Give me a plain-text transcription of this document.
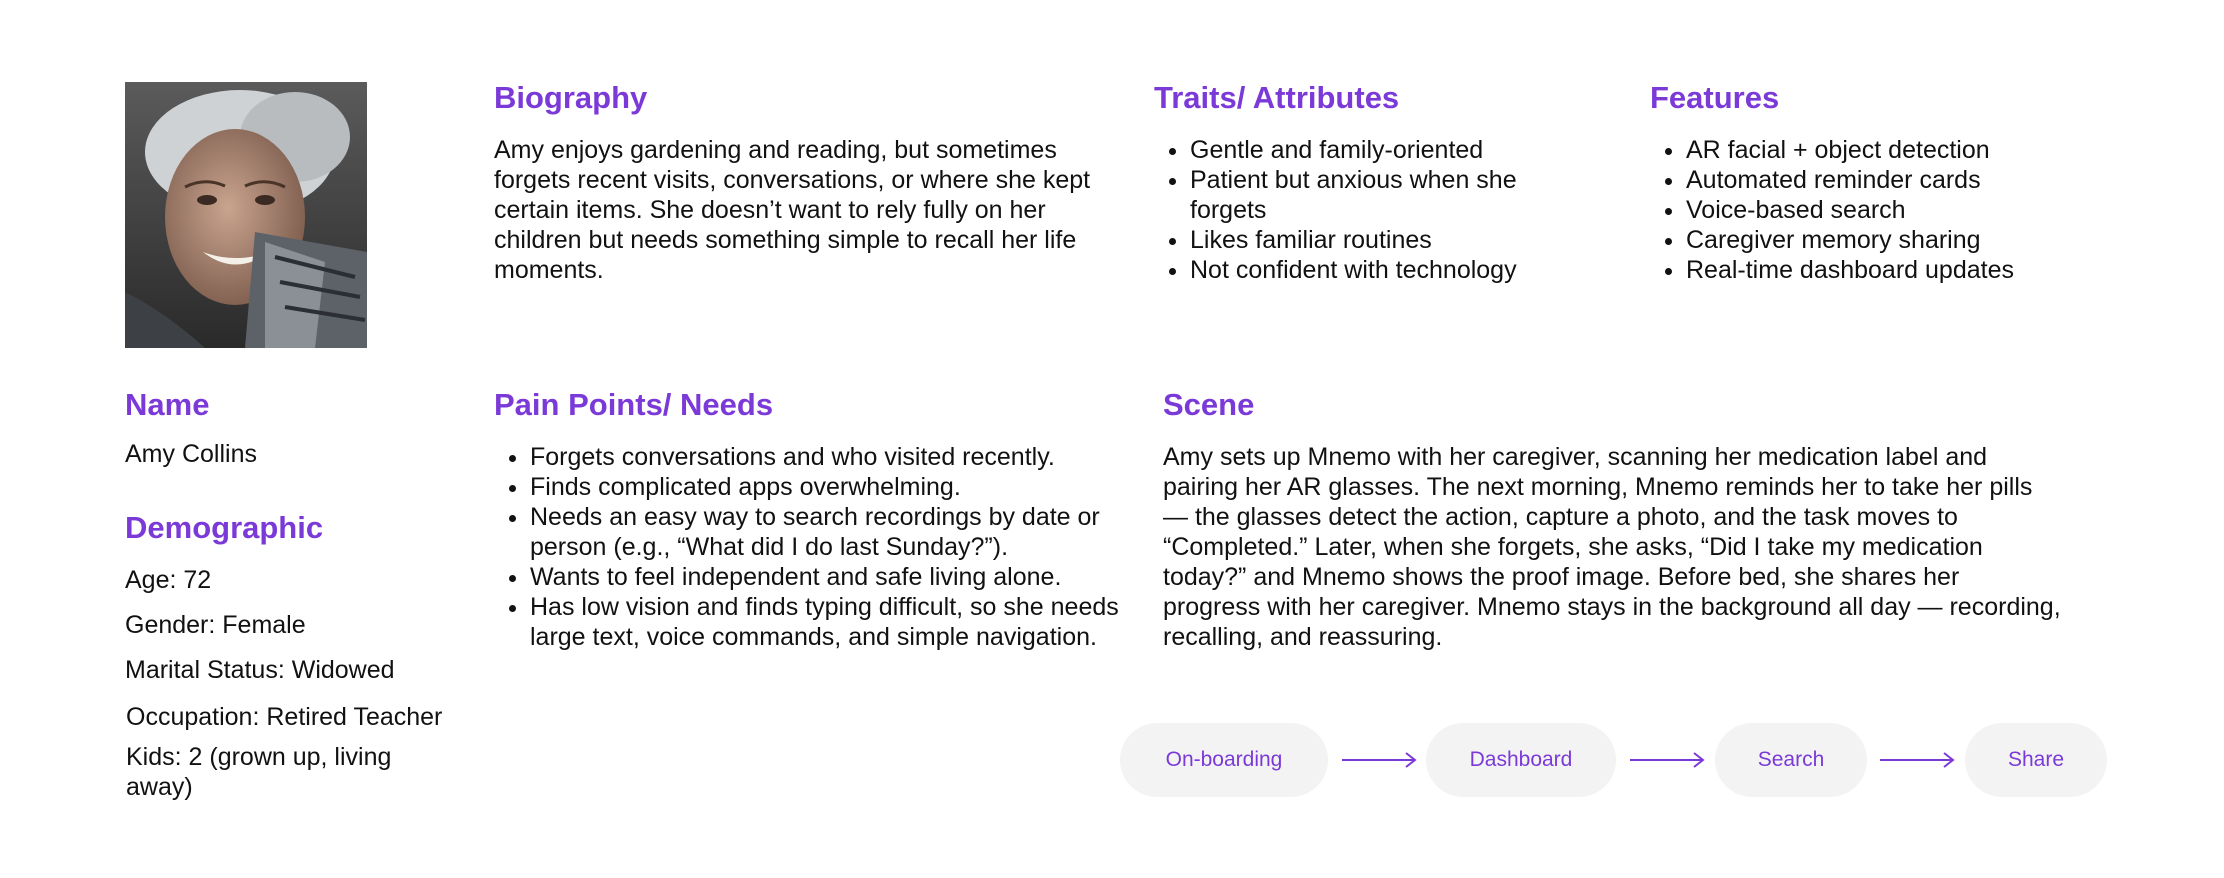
Name

Amy Collins

Demographic

Age: 72

Gender: Female

Marital Status: Widowed

Occupation: Retired Teacher

Kids: 2 (grown up, living away)

Biography

Amy enjoys gardening and reading, but sometimes forgets recent visits, conversations, or where she kept certain items. She doesn’t want to rely fully on her children but needs something simple to recall her life moments.

Traits/ Attributes
• Gentle and family-oriented
• Patient but anxious when she forgets
• Likes familiar routines
• Not confident with technology
Features
• AR facial + object detection
• Automated reminder cards
• Voice-based search
• Caregiver memory sharing
• Real-time dashboard updates
Pain Points/ Needs
• Forgets conversations and who visited recently.
• Finds complicated apps overwhelming.
• Needs an easy way to search recordings by date or person (e.g., “What did I do last Sunday?”).
• Wants to feel independent and safe living alone.
• Has low vision and finds typing difficult, so she needs large text, voice commands, and simple navigation.
Scene

Amy sets up Mnemo with her caregiver, scanning her medication label and pairing her AR glasses. The next morning, Mnemo reminds her to take her pills — the glasses detect the action, capture a photo, and the task moves to “Completed.” Later, when she forgets, she asks, “Did I take my medication today?” and Mnemo shows the proof image. Before bed, she shares her progress with her caregiver. Mnemo stays in the background all day — recording, recalling, and reassuring.

On-boarding	Dashboard	Search	Share
